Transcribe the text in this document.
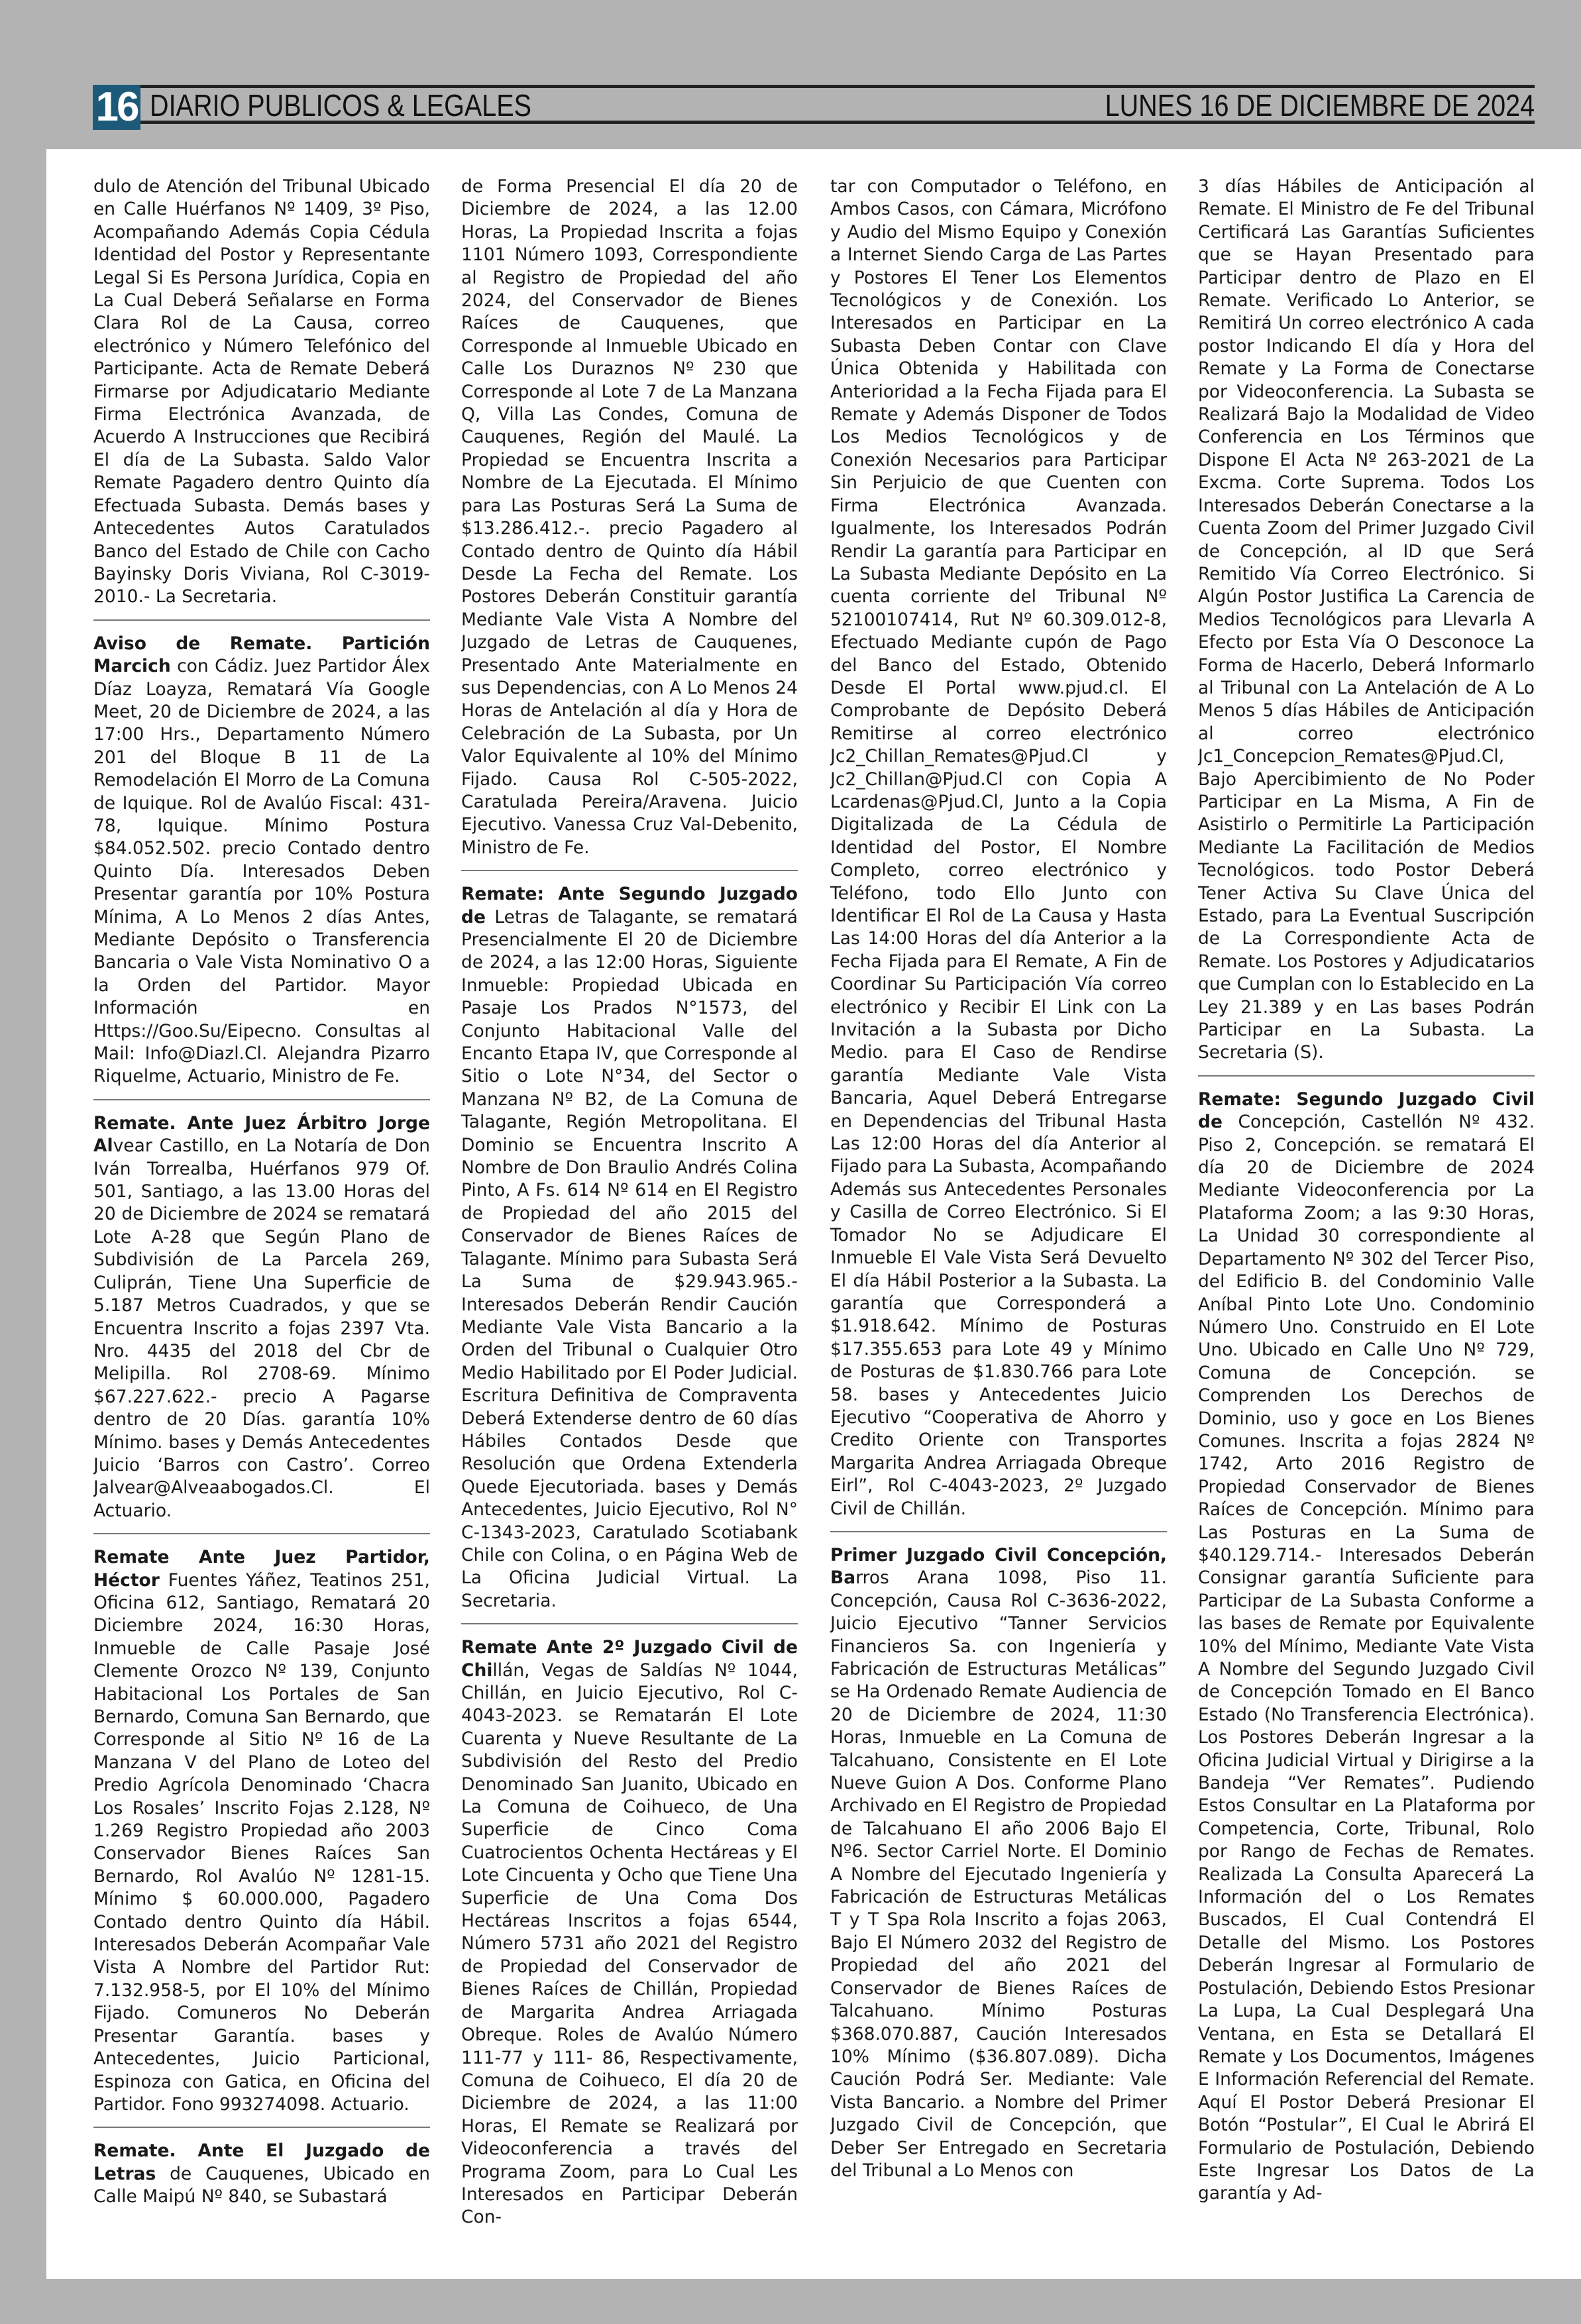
16 DIARIO PUBLICOS & LEGALES	LUNES 16 DE DICIEMBRE DE 2024

dulo de Atención del Tribunal Ubicado en Calle Huérfanos Nº 1409, 3º Piso, Acompañando Además Copia Cédula Identidad del Postor y Representante Legal Si Es Persona Jurídica, Copia en La Cual Deberá Señalarse en Forma Clara Rol de La Causa, correo electrónico y Número Telefónico del Participante. Acta de Remate Deberá Firmarse por Adjudicatario Mediante Firma Electrónica Avanzada, de Acuerdo A Instrucciones que Recibirá El día de La Subasta. Saldo Valor Remate Pagadero dentro Quinto día Efectuada Subasta. Demás bases y Antecedentes Autos Caratulados Banco del Estado de Chile con Cacho Bayinsky Doris Viviana, Rol C-3019-2010.- La Secretaria.

Aviso de Remate. Partición Marcich con Cádiz. Juez Partidor Álex Díaz Loayza, Rematará Vía Google Meet, 20 de Diciembre de 2024, a las 17:00 Hrs., Departamento Número 201 del Bloque B 11 de La Remodelación El Morro de La Comuna de Iquique. Rol de Avalúo Fiscal: 431-78, Iquique. Mínimo Postura $84.052.502. precio Contado dentro Quinto Día. Interesados Deben Presentar garantía por 10% Postura Mínima, A Lo Menos 2 días Antes, Mediante Depósito o Transferencia Bancaria o Vale Vista Nominativo O a la Orden del Partidor. Mayor Información en Https://Goo.Su/Eipecno. Consultas al Mail: Info@Diazl.Cl. Alejandra Pizarro Riquelme, Actuario, Ministro de Fe.

Remate. Ante Juez Árbitro Jorge Alvear Castillo, en La Notaría de Don Iván Torrealba, Huérfanos 979 Of. 501, Santiago, a las 13.00 Horas del 20 de Diciembre de 2024 se rematará Lote A-28 que Según Plano de Subdivisión de La Parcela 269, Culiprán, Tiene Una Superficie de 5.187 Metros Cuadrados, y que se Encuentra Inscrito a fojas 2397 Vta. Nro. 4435 del 2018 del Cbr de Melipilla. Rol 2708-69. Mínimo $67.227.622.- precio A Pagarse dentro de 20 Días. garantía 10% Mínimo. bases y Demás Antecedentes Juicio ‘Barros con Castro’. Correo Jalvear@Alveaabogados.Cl. El Actuario.

Remate Ante Juez Partidor, Héctor Fuentes Yáñez, Teatinos 251, Oficina 612, Santiago, Rematará 20 Diciembre 2024, 16:30 Horas, Inmueble de Calle Pasaje José Clemente Orozco Nº 139, Conjunto Habitacional Los Portales de San Bernardo, Comuna San Bernardo, que Corresponde al Sitio Nº 16 de La Manzana V del Plano de Loteo del Predio Agrícola Denominado ‘Chacra Los Rosales’ Inscrito Fojas 2.128, Nº 1.269 Registro Propiedad año 2003 Conservador Bienes Raíces San Bernardo, Rol Avalúo Nº 1281-15. Mínimo $ 60.000.000, Pagadero Contado dentro Quinto día Hábil. Interesados Deberán Acompañar Vale Vista A Nombre del Partidor Rut: 7.132.958-5, por El 10% del Mínimo Fijado. Comuneros No Deberán Presentar Garantía. bases y Antecedentes, Juicio Particional, Espinoza con Gatica, en Oficina del Partidor. Fono 993274098. Actuario.

Remate. Ante El Juzgado de Letras de Cauquenes, Ubicado en Calle Maipú Nº 840, se Subastará

de Forma Presencial El día 20 de Diciembre de 2024, a las 12.00 Horas, La Propiedad Inscrita a fojas 1101 Número 1093, Correspondiente al Registro de Propiedad del año 2024, del Conservador de Bienes Raíces de Cauquenes, que Corresponde al Inmueble Ubicado en Calle Los Duraznos Nº 230 que Corresponde al Lote 7 de La Manzana Q, Villa Las Condes, Comuna de Cauquenes, Región del Maulé. La Propiedad se Encuentra Inscrita a Nombre de La Ejecutada. El Mínimo para Las Posturas Será La Suma de $13.286.412.-. precio Pagadero al Contado dentro de Quinto día Hábil Desde La Fecha del Remate. Los Postores Deberán Constituir garantía Mediante Vale Vista A Nombre del Juzgado de Letras de Cauquenes, Presentado Ante Materialmente en sus Dependencias, con A Lo Menos 24 Horas de Antelación al día y Hora de Celebración de La Subasta, por Un Valor Equivalente al 10% del Mínimo Fijado. Causa Rol C-505-2022, Caratulada Pereira/Aravena. Juicio Ejecutivo. Vanessa Cruz Val-Debenito, Ministro de Fe.

Remate: Ante Segundo Juzgado de Letras de Talagante, se rematará Presencialmente El 20 de Diciembre de 2024, a las 12:00 Horas, Siguiente Inmueble: Propiedad Ubicada en Pasaje Los Prados N°1573, del Conjunto Habitacional Valle del Encanto Etapa IV, que Corresponde al Sitio o Lote N°34, del Sector o Manzana Nº B2, de La Comuna de Talagante, Región Metropolitana. El Dominio se Encuentra Inscrito A Nombre de Don Braulio Andrés Colina Pinto, A Fs. 614 Nº 614 en El Registro de Propiedad del año 2015 del Conservador de Bienes Raíces de Talagante. Mínimo para Subasta Será La Suma de $29.943.965.- Interesados Deberán Rendir Caución Mediante Vale Vista Bancario a la Orden del Tribunal o Cualquier Otro Medio Habilitado por El Poder Judicial. Escritura Definitiva de Compraventa Deberá Extenderse dentro de 60 días Hábiles Contados Desde que Resolución que Ordena Extenderla Quede Ejecutoriada. bases y Demás Antecedentes, Juicio Ejecutivo, Rol N° C-1343-2023, Caratulado Scotiabank Chile con Colina, o en Página Web de La Oficina Judicial Virtual. La Secretaria.

Remate Ante 2º Juzgado Civil de Chillán, Vegas de Saldías Nº 1044, Chillán, en Juicio Ejecutivo, Rol C-4043-2023. se Rematarán El Lote Cuarenta y Nueve Resultante de La Subdivisión del Resto del Predio Denominado San Juanito, Ubicado en La Comuna de Coihueco, de Una Superficie de Cinco Coma Cuatrocientos Ochenta Hectáreas y El Lote Cincuenta y Ocho que Tiene Una Superficie de Una Coma Dos Hectáreas Inscritos a fojas 6544, Número 5731 año 2021 del Registro de Propiedad del Conservador de Bienes Raíces de Chillán, Propiedad de Margarita Andrea Arriagada Obreque. Roles de Avalúo Número 111-77 y 111- 86, Respectivamente, Comuna de Coihueco, El día 20 de Diciembre de 2024, a las 11:00 Horas, El Remate se Realizará por Videoconferencia a través del Programa Zoom, para Lo Cual Les Interesados en Participar Deberán Con-

tar con Computador o Teléfono, en Ambos Casos, con Cámara, Micrófono y Audio del Mismo Equipo y Conexión a Internet Siendo Carga de Las Partes y Postores El Tener Los Elementos Tecnológicos y de Conexión. Los Interesados en Participar en La Subasta Deben Contar con Clave Única Obtenida y Habilitada con Anterioridad a la Fecha Fijada para El Remate y Además Disponer de Todos Los Medios Tecnológicos y de Conexión Necesarios para Participar Sin Perjuicio de que Cuenten con Firma Electrónica Avanzada. Igualmente, los Interesados Podrán Rendir La garantía para Participar en La Subasta Mediante Depósito en La cuenta corriente del Tribunal Nº 52100107414, Rut Nº 60.309.012-8, Efectuado Mediante cupón de Pago del Banco del Estado, Obtenido Desde El Portal www.pjud.cl. El Comprobante de Depósito Deberá Remitirse al correo electrónico Jc2_Chillan_Remates@Pjud.Cl y Jc2_Chillan@Pjud.Cl con Copia A Lcardenas@Pjud.Cl, Junto a la Copia Digitalizada de La Cédula de Identidad del Postor, El Nombre Completo, correo electrónico y Teléfono, todo Ello Junto con Identificar El Rol de La Causa y Hasta Las 14:00 Horas del día Anterior a la Fecha Fijada para El Remate, A Fin de Coordinar Su Participación Vía correo electrónico y Recibir El Link con La Invitación a la Subasta por Dicho Medio. para El Caso de Rendirse garantía Mediante Vale Vista Bancaria, Aquel Deberá Entregarse en Dependencias del Tribunal Hasta Las 12:00 Horas del día Anterior al Fijado para La Subasta, Acompañando Además sus Antecedentes Personales y Casilla de Correo Electrónico. Si El Tomador No se Adjudicare El Inmueble El Vale Vista Será Devuelto El día Hábil Posterior a la Subasta. La garantía que Corresponderá a $1.918.642. Mínimo de Posturas $17.355.653 para Lote 49 y Mínimo de Posturas de $1.830.766 para Lote 58. bases y Antecedentes Juicio Ejecutivo “Cooperativa de Ahorro y Credito Oriente con Transportes Margarita Andrea Arriagada Obreque Eirl”, Rol C-4043-2023, 2º Juzgado Civil de Chillán.

Primer Juzgado Civil Concepción, Barros Arana 1098, Piso 11. Concepción, Causa Rol C-3636-2022, Juicio Ejecutivo “Tanner Servicios Financieros Sa. con Ingeniería y Fabricación de Estructuras Metálicas” se Ha Ordenado Remate Audiencia de 20 de Diciembre de 2024, 11:30 Horas, Inmueble en La Comuna de Talcahuano, Consistente en El Lote Nueve Guion A Dos. Conforme Plano Archivado en El Registro de Propiedad de Talcahuano El año 2006 Bajo El Nº6. Sector Carriel Norte. El Dominio A Nombre del Ejecutado Ingeniería y Fabricación de Estructuras Metálicas T y T Spa Rola Inscrito a fojas 2063, Bajo El Número 2032 del Registro de Propiedad del año 2021 del Conservador de Bienes Raíces de Talcahuano. Mínimo Posturas $368.070.887, Caución Interesados 10% Mínimo ($36.807.089). Dicha Caución Podrá Ser. Mediante: Vale Vista Bancario. a Nombre del Primer Juzgado Civil de Concepción, que Deber Ser Entregado en Secretaria del Tribunal a Lo Menos con

3 días Hábiles de Anticipación al Remate. El Ministro de Fe del Tribunal Certificará Las Garantías Suficientes que se Hayan Presentado para Participar dentro de Plazo en El Remate. Verificado Lo Anterior, se Remitirá Un correo electrónico A cada postor Indicando El día y Hora del Remate y La Forma de Conectarse por Videoconferencia. La Subasta se Realizará Bajo la Modalidad de Video Conferencia en Los Términos que Dispone El Acta Nº 263-2021 de La Excma. Corte Suprema. Todos Los Interesados Deberán Conectarse a la Cuenta Zoom del Primer Juzgado Civil de Concepción, al ID que Será Remitido Vía Correo Electrónico. Si Algún Postor Justifica La Carencia de Medios Tecnológicos para Llevarla A Efecto por Esta Vía O Desconoce La Forma de Hacerlo, Deberá Informarlo al Tribunal con La Antelación de A Lo Menos 5 días Hábiles de Anticipación al correo electrónico Jc1_Concepcion_Remates@Pjud.Cl, Bajo Apercibimiento de No Poder Participar en La Misma, A Fin de Asistirlo o Permitirle La Participación Mediante La Facilitación de Medios Tecnológicos. todo Postor Deberá Tener Activa Su Clave Única del Estado, para La Eventual Suscripción de La Correspondiente Acta de Remate. Los Postores y Adjudicatarios que Cumplan con lo Establecido en La Ley 21.389 y en Las bases Podrán Participar en La Subasta. La Secretaria (S).

Remate: Segundo Juzgado Civil de Concepción, Castellón Nº 432. Piso 2, Concepción. se rematará El día 20 de Diciembre de 2024 Mediante Videoconferencia por La Plataforma Zoom; a las 9:30 Horas, La Unidad 30 correspondiente al Departamento Nº 302 del Tercer Piso, del Edificio B. del Condominio Valle Aníbal Pinto Lote Uno. Condominio Número Uno. Construido en El Lote Uno. Ubicado en Calle Uno Nº 729, Comuna de Concepción. se Comprenden Los Derechos de Dominio, uso y goce en Los Bienes Comunes. Inscrita a fojas 2824 Nº 1742, Arto 2016 Registro de Propiedad Conservador de Bienes Raíces de Concepción. Mínimo para Las Posturas en La Suma de $40.129.714.- Interesados Deberán Consignar garantía Suficiente para Participar de La Subasta Conforme a las bases de Remate por Equivalente 10% del Mínimo, Mediante Vate Vista A Nombre del Segundo Juzgado Civil de Concepción Tomado en El Banco Estado (No Transferencia Electrónica). Los Postores Deberán Ingresar a la Oficina Judicial Virtual y Dirigirse a la Bandeja “Ver Remates”. Pudiendo Estos Consultar en La Plataforma por Competencia, Corte, Tribunal, Rolo por Rango de Fechas de Remates. Realizada La Consulta Aparecerá La Información del o Los Remates Buscados, El Cual Contendrá El Detalle del Mismo. Los Postores Deberán Ingresar al Formulario de Postulación, Debiendo Estos Presionar La Lupa, La Cual Desplegará Una Ventana, en Esta se Detallará El Remate y Los Documentos, Imágenes E Información Referencial del Remate. Aquí El Postor Deberá Presionar El Botón “Postular”, El Cual le Abrirá El Formulario de Postulación, Debiendo Este Ingresar Los Datos de La garantía y Ad-
